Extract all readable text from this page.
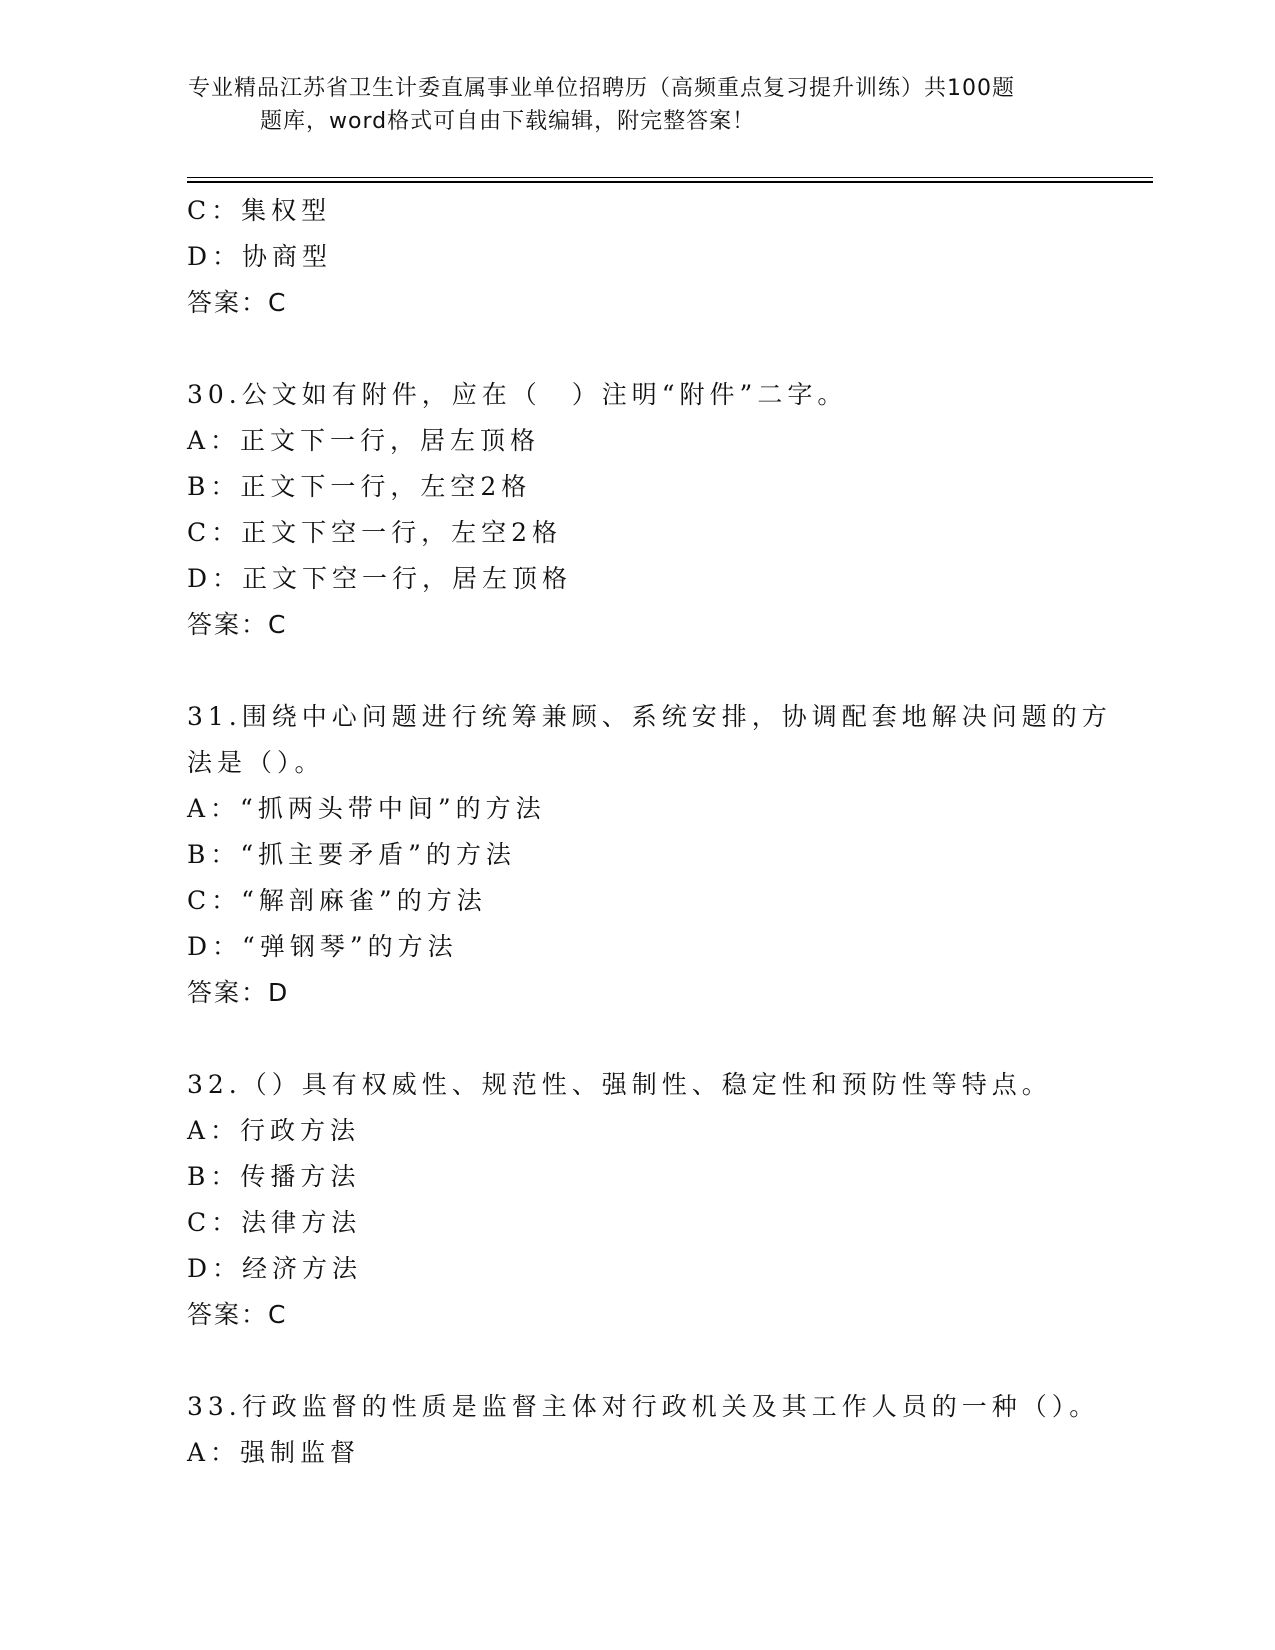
专业精品江苏省卫生计委直属事业单位招聘历（高频重点复习提升训练）共100题
题库，word格式可自由下载编辑，附完整答案！
C：集权型
D：协商型
答案：C
30.公文如有附件，应在（　）注明“附件”二字。
A：正文下一行，居左顶格
B：正文下一行，左空2格
C：正文下空一行，左空2格
D：正文下空一行，居左顶格
答案：C
31.围绕中心问题进行统筹兼顾、系统安排，协调配套地解决问题的方
法是（）。
A：“抓两头带中间”的方法
B：“抓主要矛盾”的方法
C：“解剖麻雀”的方法
D：“弹钢琴”的方法
答案：D
32.（）具有权威性、规范性、强制性、稳定性和预防性等特点。
A：行政方法
B：传播方法
C：法律方法
D：经济方法
答案：C
33.行政监督的性质是监督主体对行政机关及其工作人员的一种（）。
A：强制监督
